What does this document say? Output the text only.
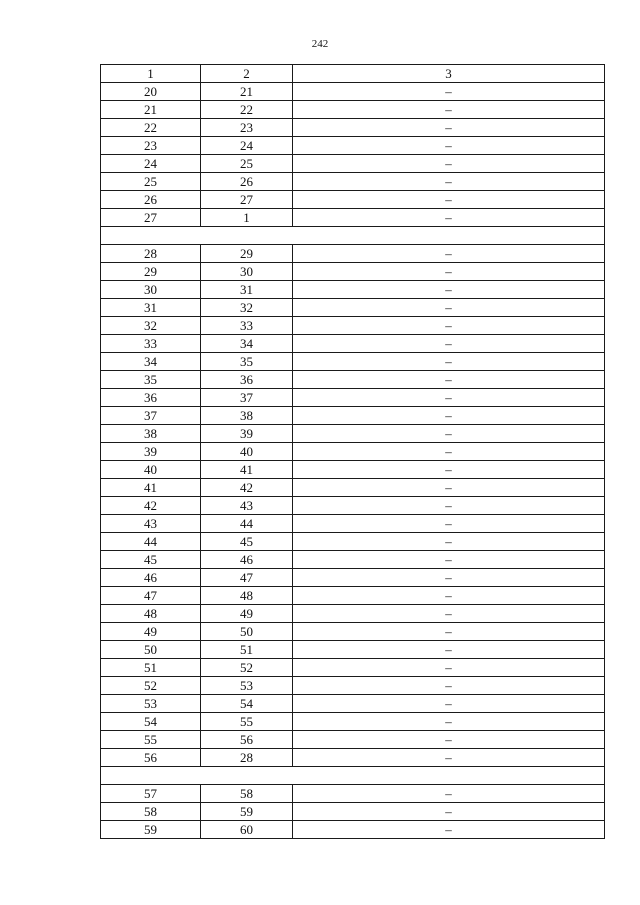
242
1	2	3
20	21	–
21	22	–
22	23	–
23	24	–
24	25	–
25	26	–
26	27	–
27	1	–

28	29	–
29	30	–
30	31	–
31	32	–
32	33	–
33	34	–
34	35	–
35	36	–
36	37	–
37	38	–
38	39	–
39	40	–
40	41	–
41	42	–
42	43	–
43	44	–
44	45	–
45	46	–
46	47	–
47	48	–
48	49	–
49	50	–
50	51	–
51	52	–
52	53	–
53	54	–
54	55	–
55	56	–
56	28	–

57	58	–
58	59	–
59	60	–
